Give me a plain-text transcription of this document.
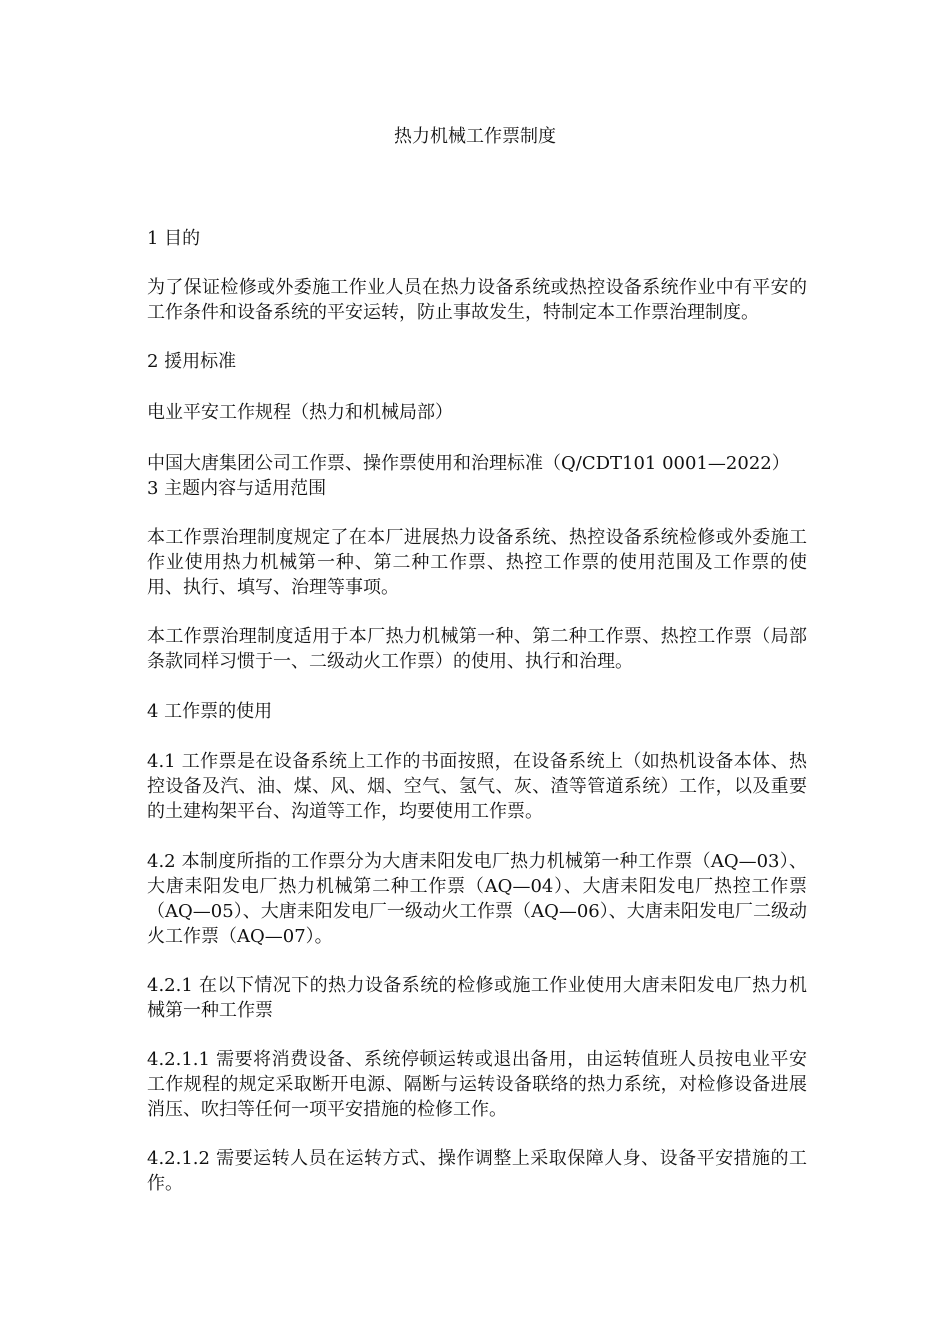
热力机械工作票制度

1 目的

为了保证检修或外委施工作业人员在热力设备系统或热控设备系统作业中有平安的工作条件和设备系统的平安运转，防止事故发生，特制定本工作票治理制度。

2 援用标准

电业平安工作规程（热力和机械局部）

中国大唐集团公司工作票、操作票使用和治理标准（Q/CDT101 0001—2022）

3 主题内容与适用范围

本工作票治理制度规定了在本厂进展热力设备系统、热控设备系统检修或外委施工作业使用热力机械第一种、第二种工作票、热控工作票的使用范围及工作票的使用、执行、填写、治理等事项。

本工作票治理制度适用于本厂热力机械第一种、第二种工作票、热控工作票（局部条款同样习惯于一、二级动火工作票）的使用、执行和治理。

4 工作票的使用

4.1 工作票是在设备系统上工作的书面按照，在设备系统上（如热机设备本体、热控设备及汽、油、煤、风、烟、空气、氢气、灰、渣等管道系统）工作，以及重要的土建构架平台、沟道等工作，均要使用工作票。

4.2 本制度所指的工作票分为大唐耒阳发电厂热力机械第一种工作票（AQ—03）、大唐耒阳发电厂热力机械第二种工作票（AQ—04）、大唐耒阳发电厂热控工作票（AQ—05）、大唐耒阳发电厂一级动火工作票（AQ—06）、大唐耒阳发电厂二级动火工作票（AQ—07）。

4.2.1 在以下情况下的热力设备系统的检修或施工作业使用大唐耒阳发电厂热力机械第一种工作票

4.2.1.1 需要将消费设备、系统停顿运转或退出备用，由运转值班人员按电业平安工作规程的规定采取断开电源、隔断与运转设备联络的热力系统，对检修设备进展消压、吹扫等任何一项平安措施的检修工作。

4.2.1.2 需要运转人员在运转方式、操作调整上采取保障人身、设备平安措施的工作。
